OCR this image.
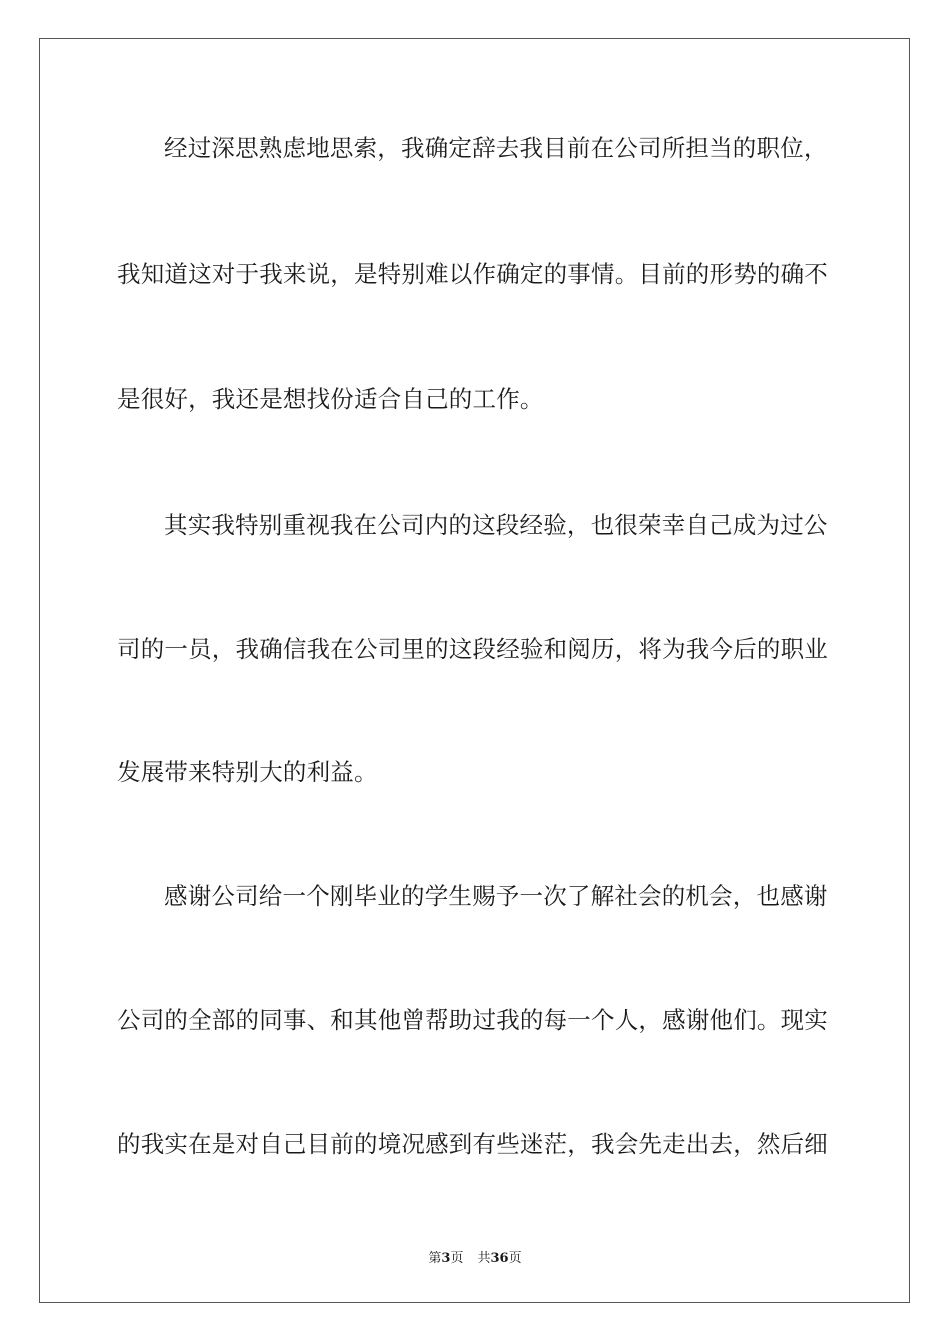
经过深思熟虑地思索，我确定辞去我目前在公司所担当的职位，
我知道这对于我来说，是特别难以作确定的事情。目前的形势的确不
是很好，我还是想找份适合自己的工作。
其实我特别重视我在公司内的这段经验，也很荣幸自己成为过公
司的一员，我确信我在公司里的这段经验和阅历，将为我今后的职业
发展带来特别大的利益。
感谢公司给一个刚毕业的学生赐予一次了解社会的机会，也感谢
公司的全部的同事、和其他曾帮助过我的每一个人，感谢他们。现实
的我实在是对自己目前的境况感到有些迷茫，我会先走出去，然后细
第3页 共36页
